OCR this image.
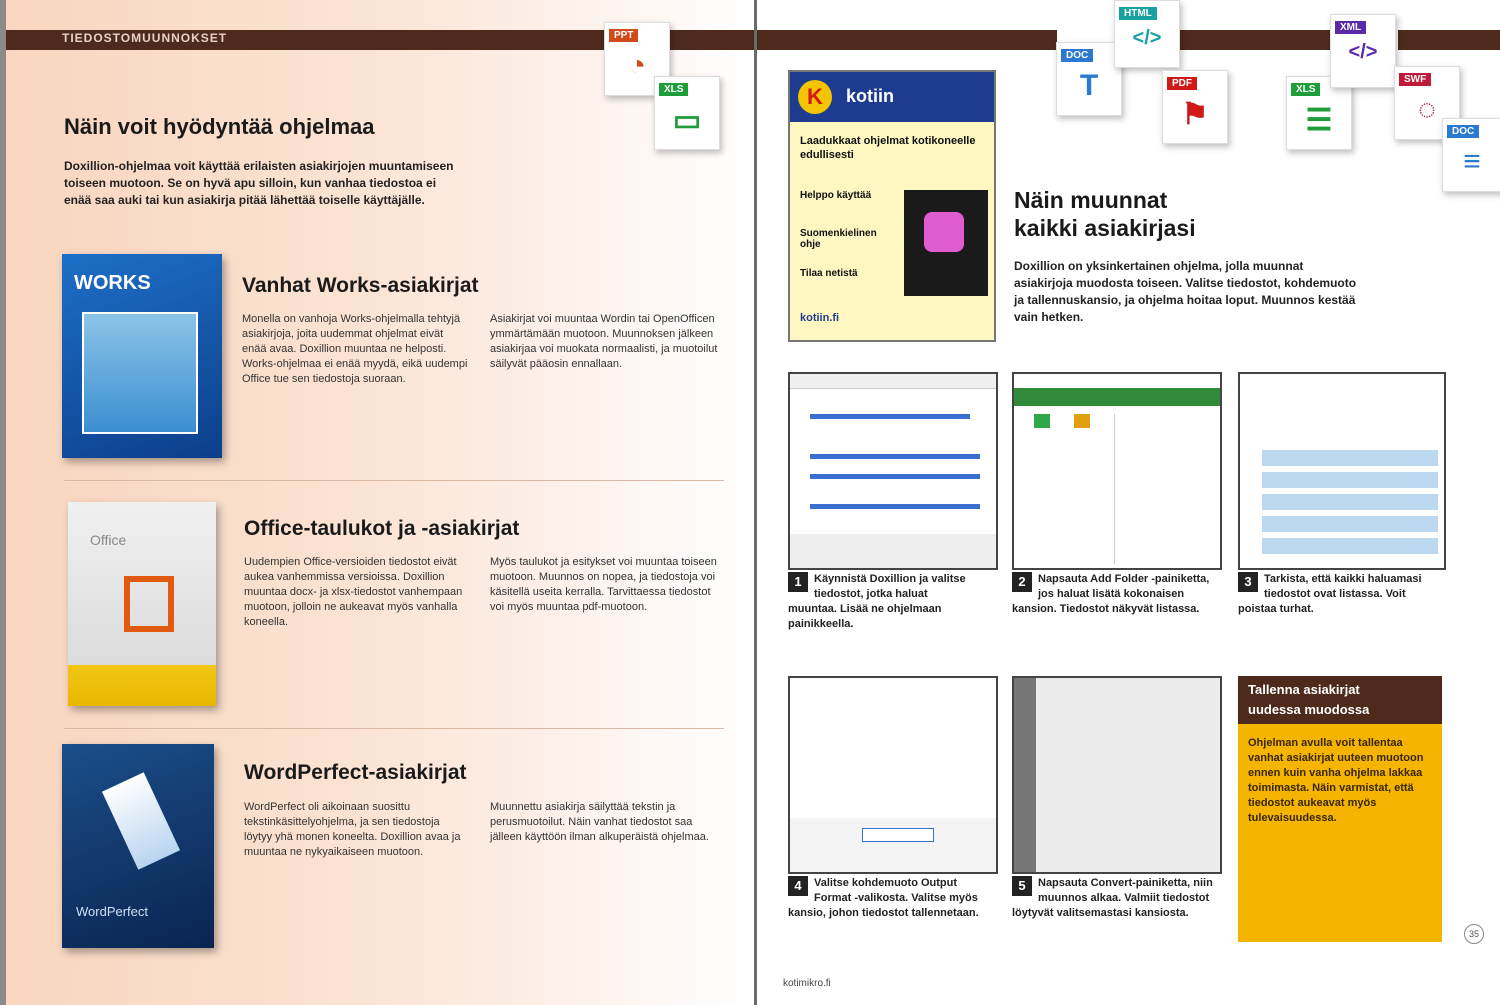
TIEDOSTOMUUNNOKSET	PPT
◔
XLS
▭
DOC
T
HTML
</>
PDF
⚑
XLS
☰
XML
</>
SWF
◌
DOC
≡
Näin voit hyödyntää ohjelmaa
Doxillion-ohjelmaa voit käyttää erilaisten asiakirjojen muuntamiseen toiseen muotoon. Se on hyvä apu silloin, kun vanhaa tiedostoa ei enää saa auki tai kun asiakirja pitää lähettää toiselle käyttäjälle.
WORKS	Vanhat Works-asiakirjat
Monella on vanhoja Works-ohjelmalla tehtyjä asiakirjoja, joita uudemmat ohjelmat eivät enää avaa. Doxillion muuntaa ne helposti. Works-ohjelmaa ei enää myydä, eikä uudempi Office tue sen tiedostoja suoraan.
Asiakirjat voi muuntaa Wordin tai OpenOfficen ymmärtämään muotoon. Muunnoksen jälkeen asiakirjaa voi muokata normaalisti, ja muotoilut säilyvät pääosin ennallaan.
Office	Office-taulukot ja -asiakirjat
Uudempien Office-versioiden tiedostot eivät aukea vanhemmissa versioissa. Doxillion muuntaa docx- ja xlsx-tiedostot vanhempaan muotoon, jolloin ne aukeavat myös vanhalla koneella.
Myös taulukot ja esitykset voi muuntaa toiseen muotoon. Muunnos on nopea, ja tiedostoja voi käsitellä useita kerralla. Tarvittaessa tiedostot voi myös muuntaa pdf-muotoon.
WordPerfect
WordPerfect-asiakirjat
WordPerfect oli aikoinaan suosittu tekstinkäsittelyohjelma, ja sen tiedostoja löytyy yhä monen koneelta. Doxillion avaa ja muuntaa ne nykyaikaiseen muotoon.
Muunnettu asiakirja säilyttää tekstin ja perusmuotoilut. Näin vanhat tiedostot saa jälleen käyttöön ilman alkuperäistä ohjelmaa.
K	kotiin
Laadukkaat ohjelmat kotikoneelle edullisesti
Helppo käyttää
Suomenkielinen ohje
Tilaa netistä
kotiin.fi
Näin muunnat
kaikki asiakirjasi
Doxillion on yksinkertainen ohjelma, jolla muunnat asiakirjoja muodosta toiseen. Valitse tiedostot, kohdemuoto ja tallennuskansio, ja ohjelma hoitaa loput. Muunnos kestää vain hetken.
1	Käynnistä Doxillion ja valitse tiedostot, jotka haluat muuntaa. Lisää ne ohjelmaan painikkeella.
2	Napsauta Add Folder -painiketta, jos haluat lisätä kokonaisen kansion. Tiedostot näkyvät listassa.
3	Tarkista, että kaikki haluamasi tiedostot ovat listassa. Voit poistaa turhat.
Tallenna asiakirjat
uudessa muodossa
Ohjelman avulla voit tallentaa vanhat asiakirjat uuteen muotoon ennen kuin vanha ohjelma lakkaa toimimasta. Näin varmistat, että tiedostot aukeavat myös tulevaisuudessa.
4	Valitse kohdemuoto Output Format -valikosta. Valitse myös kansio, johon tiedostot tallennetaan.
5	Napsauta Convert-painiketta, niin muunnos alkaa. Valmiit tiedostot löytyvät valitsemastasi kansiosta.
kotimikro.fi
35
